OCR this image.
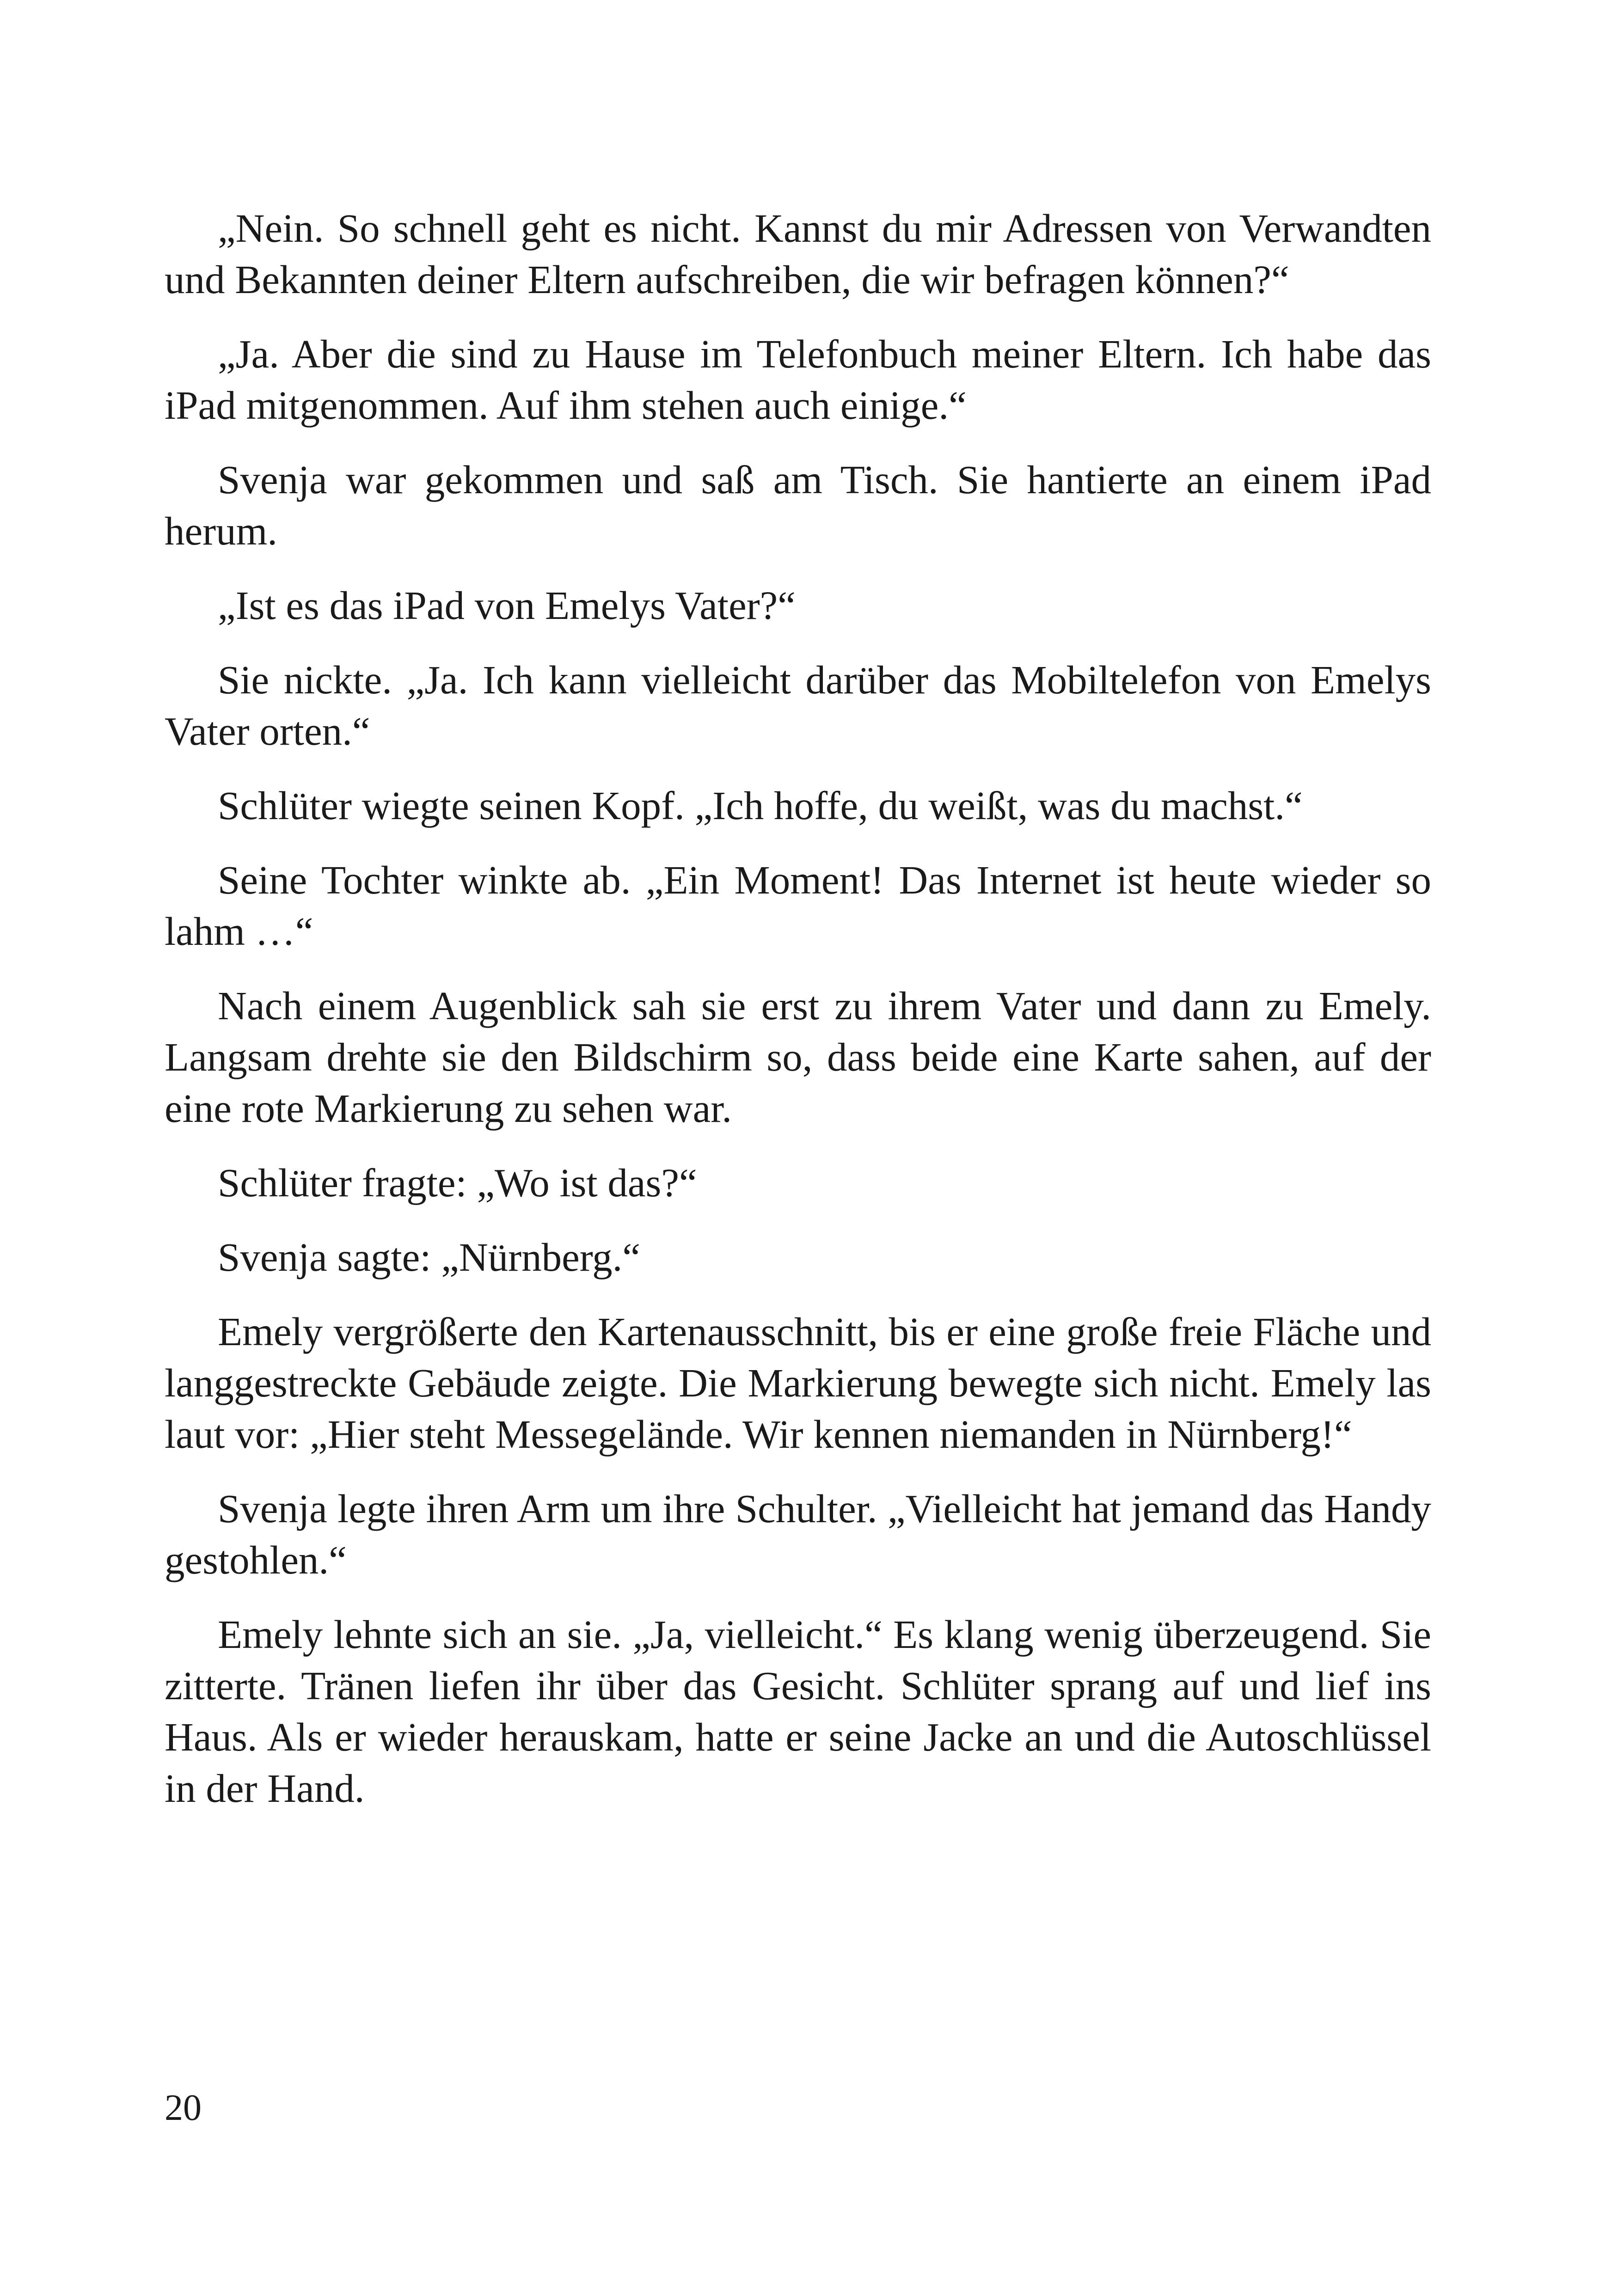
„Nein. So schnell geht es nicht. Kannst du mir Adressen von Verwandten und Bekannten deiner Eltern aufschreiben, die wir befragen können?“

„Ja. Aber die sind zu Hause im Telefonbuch meiner Eltern. Ich habe das iPad mitgenommen. Auf ihm stehen auch einige.“

Svenja war gekommen und saß am Tisch. Sie hantierte an einem iPad herum.

„Ist es das iPad von Emelys Vater?“

Sie nickte. „Ja. Ich kann vielleicht darüber das Mobiltelefon von Emelys Vater orten.“

Schlüter wiegte seinen Kopf. „Ich hoffe, du weißt, was du machst.“

Seine Tochter winkte ab. „Ein Moment! Das Internet ist heute wieder so lahm …“

Nach einem Augenblick sah sie erst zu ihrem Vater und dann zu Emely. Langsam drehte sie den Bildschirm so, dass beide eine Karte sahen, auf der eine rote Markierung zu sehen war.

Schlüter fragte: „Wo ist das?“

Svenja sagte: „Nürnberg.“

Emely vergrößerte den Kartenausschnitt, bis er eine große freie Fläche und langgestreckte Gebäude zeigte. Die Markierung bewegte sich nicht. Emely las laut vor: „Hier steht Messegelände. Wir kennen niemanden in Nürnberg!“

Svenja legte ihren Arm um ihre Schulter. „Vielleicht hat jemand das Handy gestohlen.“

Emely lehnte sich an sie. „Ja, vielleicht.“ Es klang wenig überzeugend. Sie zitterte. Tränen liefen ihr über das Gesicht. Schlüter sprang auf und lief ins Haus. Als er wieder herauskam, hatte er seine Jacke an und die Autoschlüssel in der Hand.

20
